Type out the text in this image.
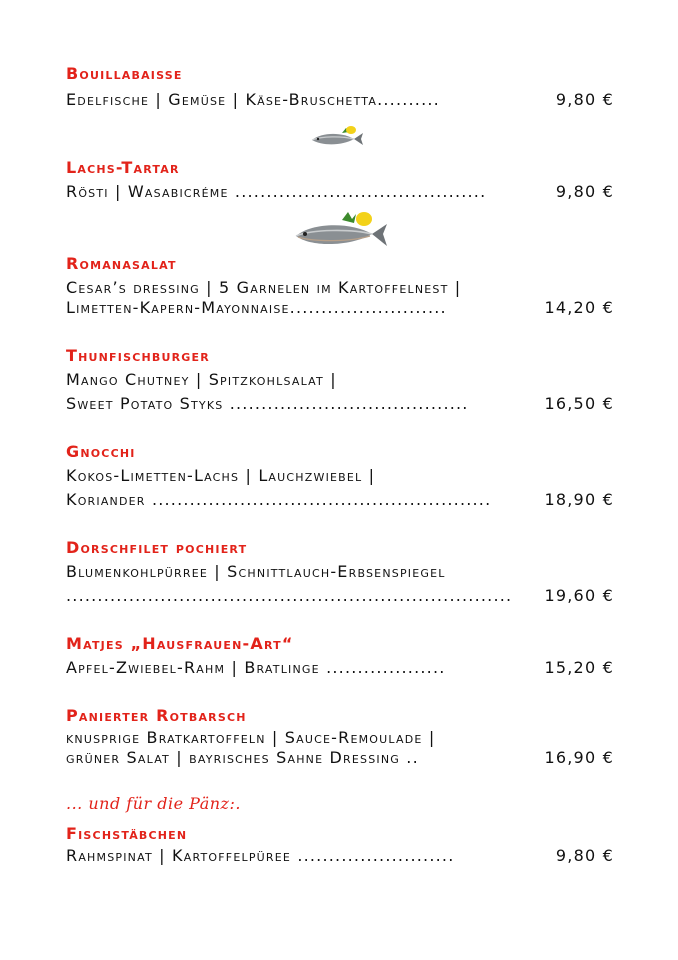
Bouillabaisse
Edelfische | Gemüse | Käse-Bruschetta..........	9,80 €
Lachs-Tartar
Rösti | Wasabicréme ........................................	9,80 €
Romanasalat
Cesar’s dressing | 5 Garnelen im Kartoffelnest |
Limetten-Kapern-Mayonnaise.........................	14,20 €
Thunfischburger
Mango Chutney | Spitzkohlsalat |
Sweet Potato Styks ......................................	16,50 €
Gnocchi
Kokos-Limetten-Lachs | Lauchzwiebel |
Koriander ......................................................	18,90 €
Dorschfilet pochiert
Blumenkohlpürree | Schnittlauch-Erbsenspiegel
....................................................................... 19,60 €
Matjes „Hausfrauen-Art“
Apfel-Zwiebel-Rahm | Bratlinge ...................	15,20 €
Panierter Rotbarsch
knusprige Bratkartoffeln | Sauce-Remoulade |
grüner Salat | bayrisches Sahne Dressing ..	16,90 €
... und für die Pänz:.
Fischstäbchen
Rahmspinat | Kartoffelpüree .........................	9,80 €
